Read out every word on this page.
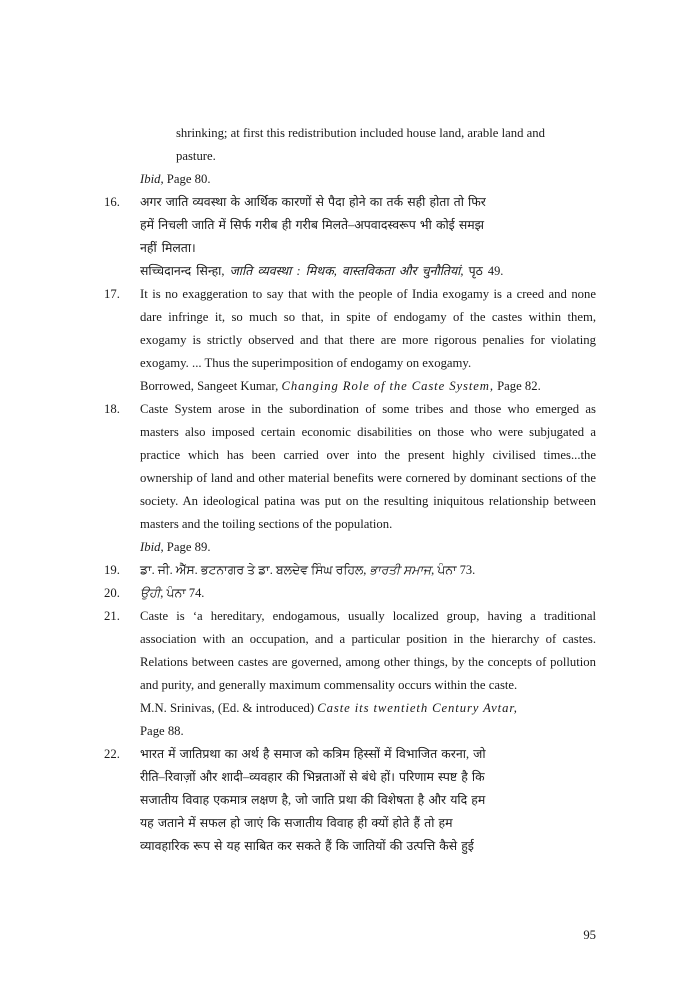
shrinking; at first this redistribution included house land, arable land and

pasture.

Ibid, Page 80.

16.	अगर जाति व्यवस्था के आर्थिक कारणों से पैदा होने का तर्क सही होता तो फिर

हमें निचली जाति में सिर्फ गरीब ही गरीब मिलते–अपवादस्वरूप भी कोई समझ

नहीं मिलता।

सच्चिदानन्द सिन्हा, जाति व्यवस्था : मिथक, वास्तविकता और चुनौतियां, पृठ 49.

17.	It is no exaggeration to say that with the people of India exogamy is a creed and none dare infringe it, so much so that, in spite of endogamy of the castes within them, exogamy is strictly observed and that there are more rigorous penalies for violating exogamy. ... Thus the superimposition of endogamy on exogamy.

Borrowed, Sangeet Kumar, Changing Role of the Caste System, Page 82.

18.	Caste System arose in the subordination of some tribes and those who emerged as masters also imposed certain economic disabilities on those who were subjugated a practice which has been carried over into the present highly civilised times...the ownership of land and other material benefits were cornered by dominant sections of the society. An ideological patina was put on the resulting iniquitous relationship between masters and the toiling sections of the population.

Ibid, Page 89.

19.	ਡਾ. ਜੀ. ਐੱਸ. ਭਟਨਾਗਰ ਤੇ ਡਾ. ਬਲਦੇਵ ਸਿੰਘ ਰਹਿਲ, ਭਾਰਤੀ ਸਮਾਜ, ਪੰਨਾ 73.

20.	ਉਹੀ, ਪੰਨਾ 74.

21.	Caste is ‘a hereditary, endogamous, usually localized group, having a traditional association with an occupation, and a particular position in the hierarchy of castes. Relations between castes are governed, among other things, by the concepts of pollution and purity, and generally maximum commensality occurs within the caste.

M.N. Srinivas, (Ed. & introduced) Caste its twentieth Century Avtar,

Page 88.

22.	भारत में जातिप्रथा का अर्थ है समाज को कत्रिम हिस्सों में विभाजित करना, जो

रीति–रिवाज़ों और शादी–व्यवहार की भिन्नताओं से बंधे हों। परिणाम स्पष्ट है कि

सजातीय विवाह एकमात्र लक्षण है, जो जाति प्रथा की विशेषता है और यदि हम

यह जताने में सफल हो जाएं कि सजातीय विवाह ही क्यों होते हैं तो हम

व्यावहारिक रूप से यह साबित कर सकते हैं कि जातियों की उत्पत्ति कैसे हुई

95
